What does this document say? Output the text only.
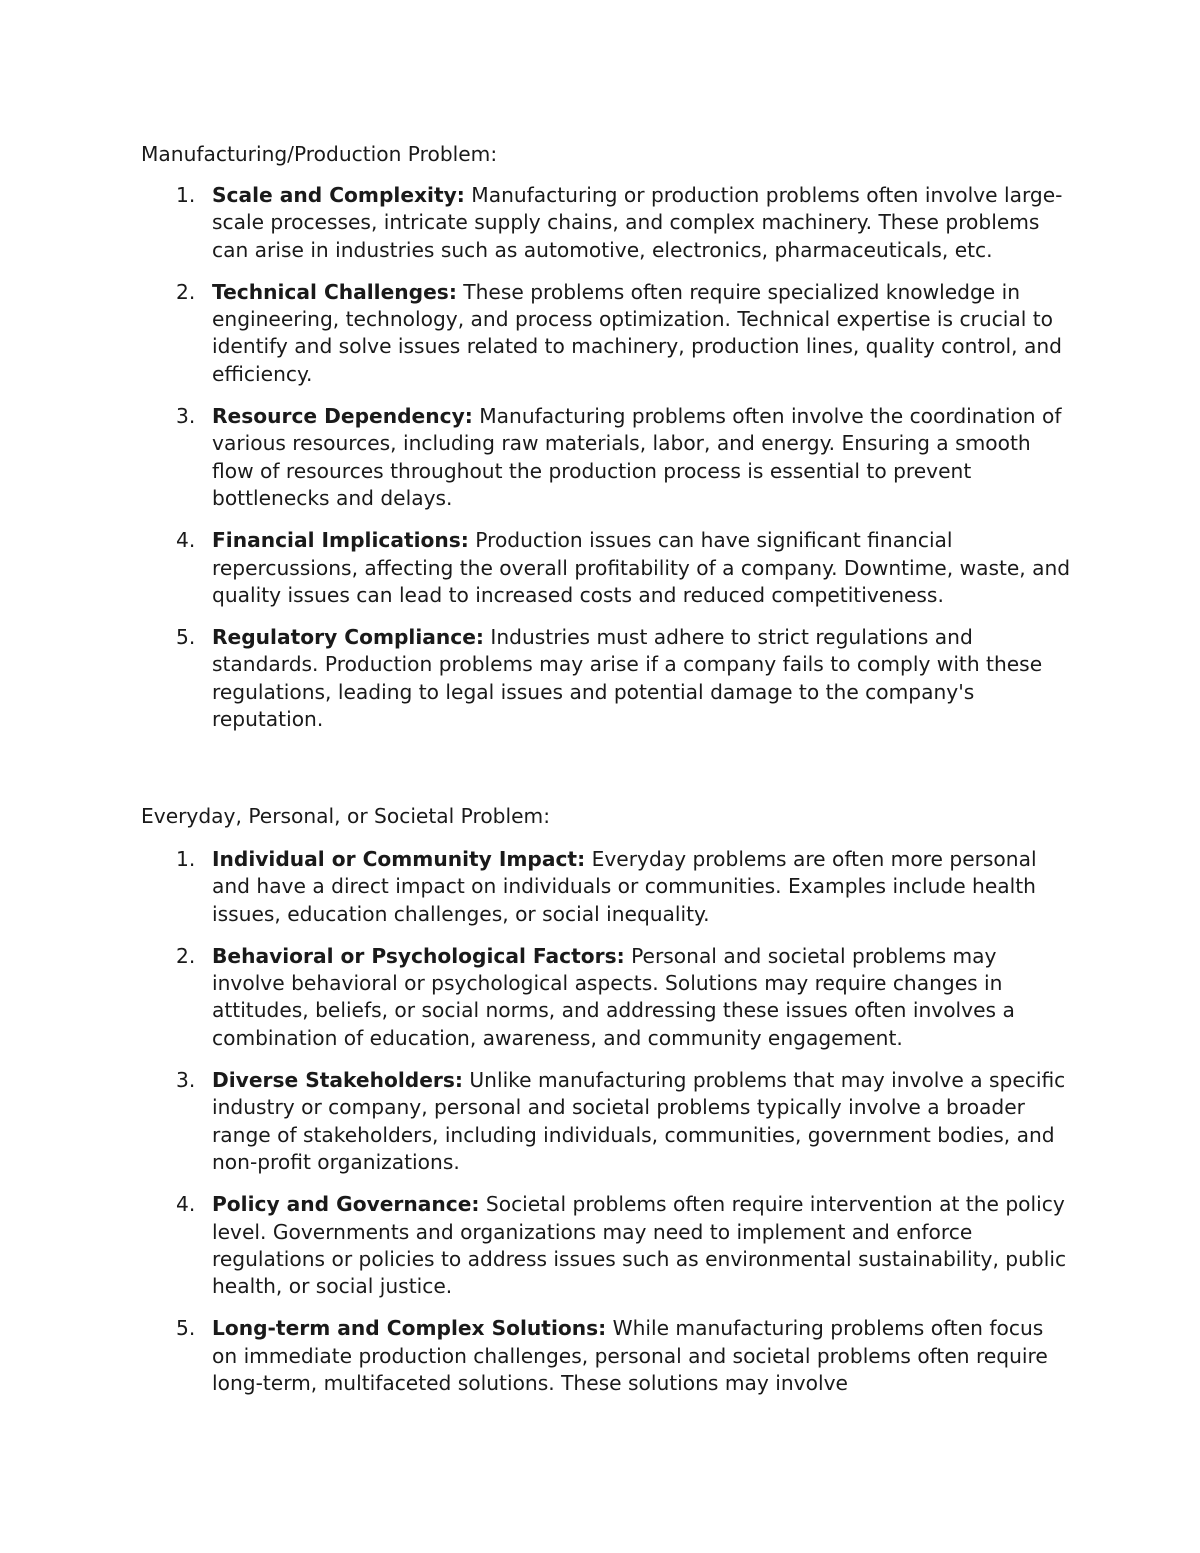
Manufacturing/Production Problem:
1. Scale and Complexity: Manufacturing or production problems often involve large-scale processes, intricate supply chains, and complex machinery. These problems can arise in industries such as automotive, electronics, pharmaceuticals, etc.
2. Technical Challenges: These problems often require specialized knowledge in engineering, technology, and process optimization. Technical expertise is crucial to identify and solve issues related to machinery, production lines, quality control, and efficiency.
3. Resource Dependency: Manufacturing problems often involve the coordination of various resources, including raw materials, labor, and energy. Ensuring a smooth flow of resources throughout the production process is essential to prevent bottlenecks and delays.
4. Financial Implications: Production issues can have significant financial repercussions, affecting the overall profitability of a company. Downtime, waste, and quality issues can lead to increased costs and reduced competitiveness.
5. Regulatory Compliance: Industries must adhere to strict regulations and standards. Production problems may arise if a company fails to comply with these regulations, leading to legal issues and potential damage to the company's reputation.
Everyday, Personal, or Societal Problem:
1. Individual or Community Impact: Everyday problems are often more personal and have a direct impact on individuals or communities. Examples include health issues, education challenges, or social inequality.
2. Behavioral or Psychological Factors: Personal and societal problems may involve behavioral or psychological aspects. Solutions may require changes in attitudes, beliefs, or social norms, and addressing these issues often involves a combination of education, awareness, and community engagement.
3. Diverse Stakeholders: Unlike manufacturing problems that may involve a specific industry or company, personal and societal problems typically involve a broader range of stakeholders, including individuals, communities, government bodies, and non-profit organizations.
4. Policy and Governance: Societal problems often require intervention at the policy level. Governments and organizations may need to implement and enforce regulations or policies to address issues such as environmental sustainability, public health, or social justice.
5. Long-term and Complex Solutions: While manufacturing problems often focus on immediate production challenges, personal and societal problems often require long-term, multifaceted solutions. These solutions may involve
